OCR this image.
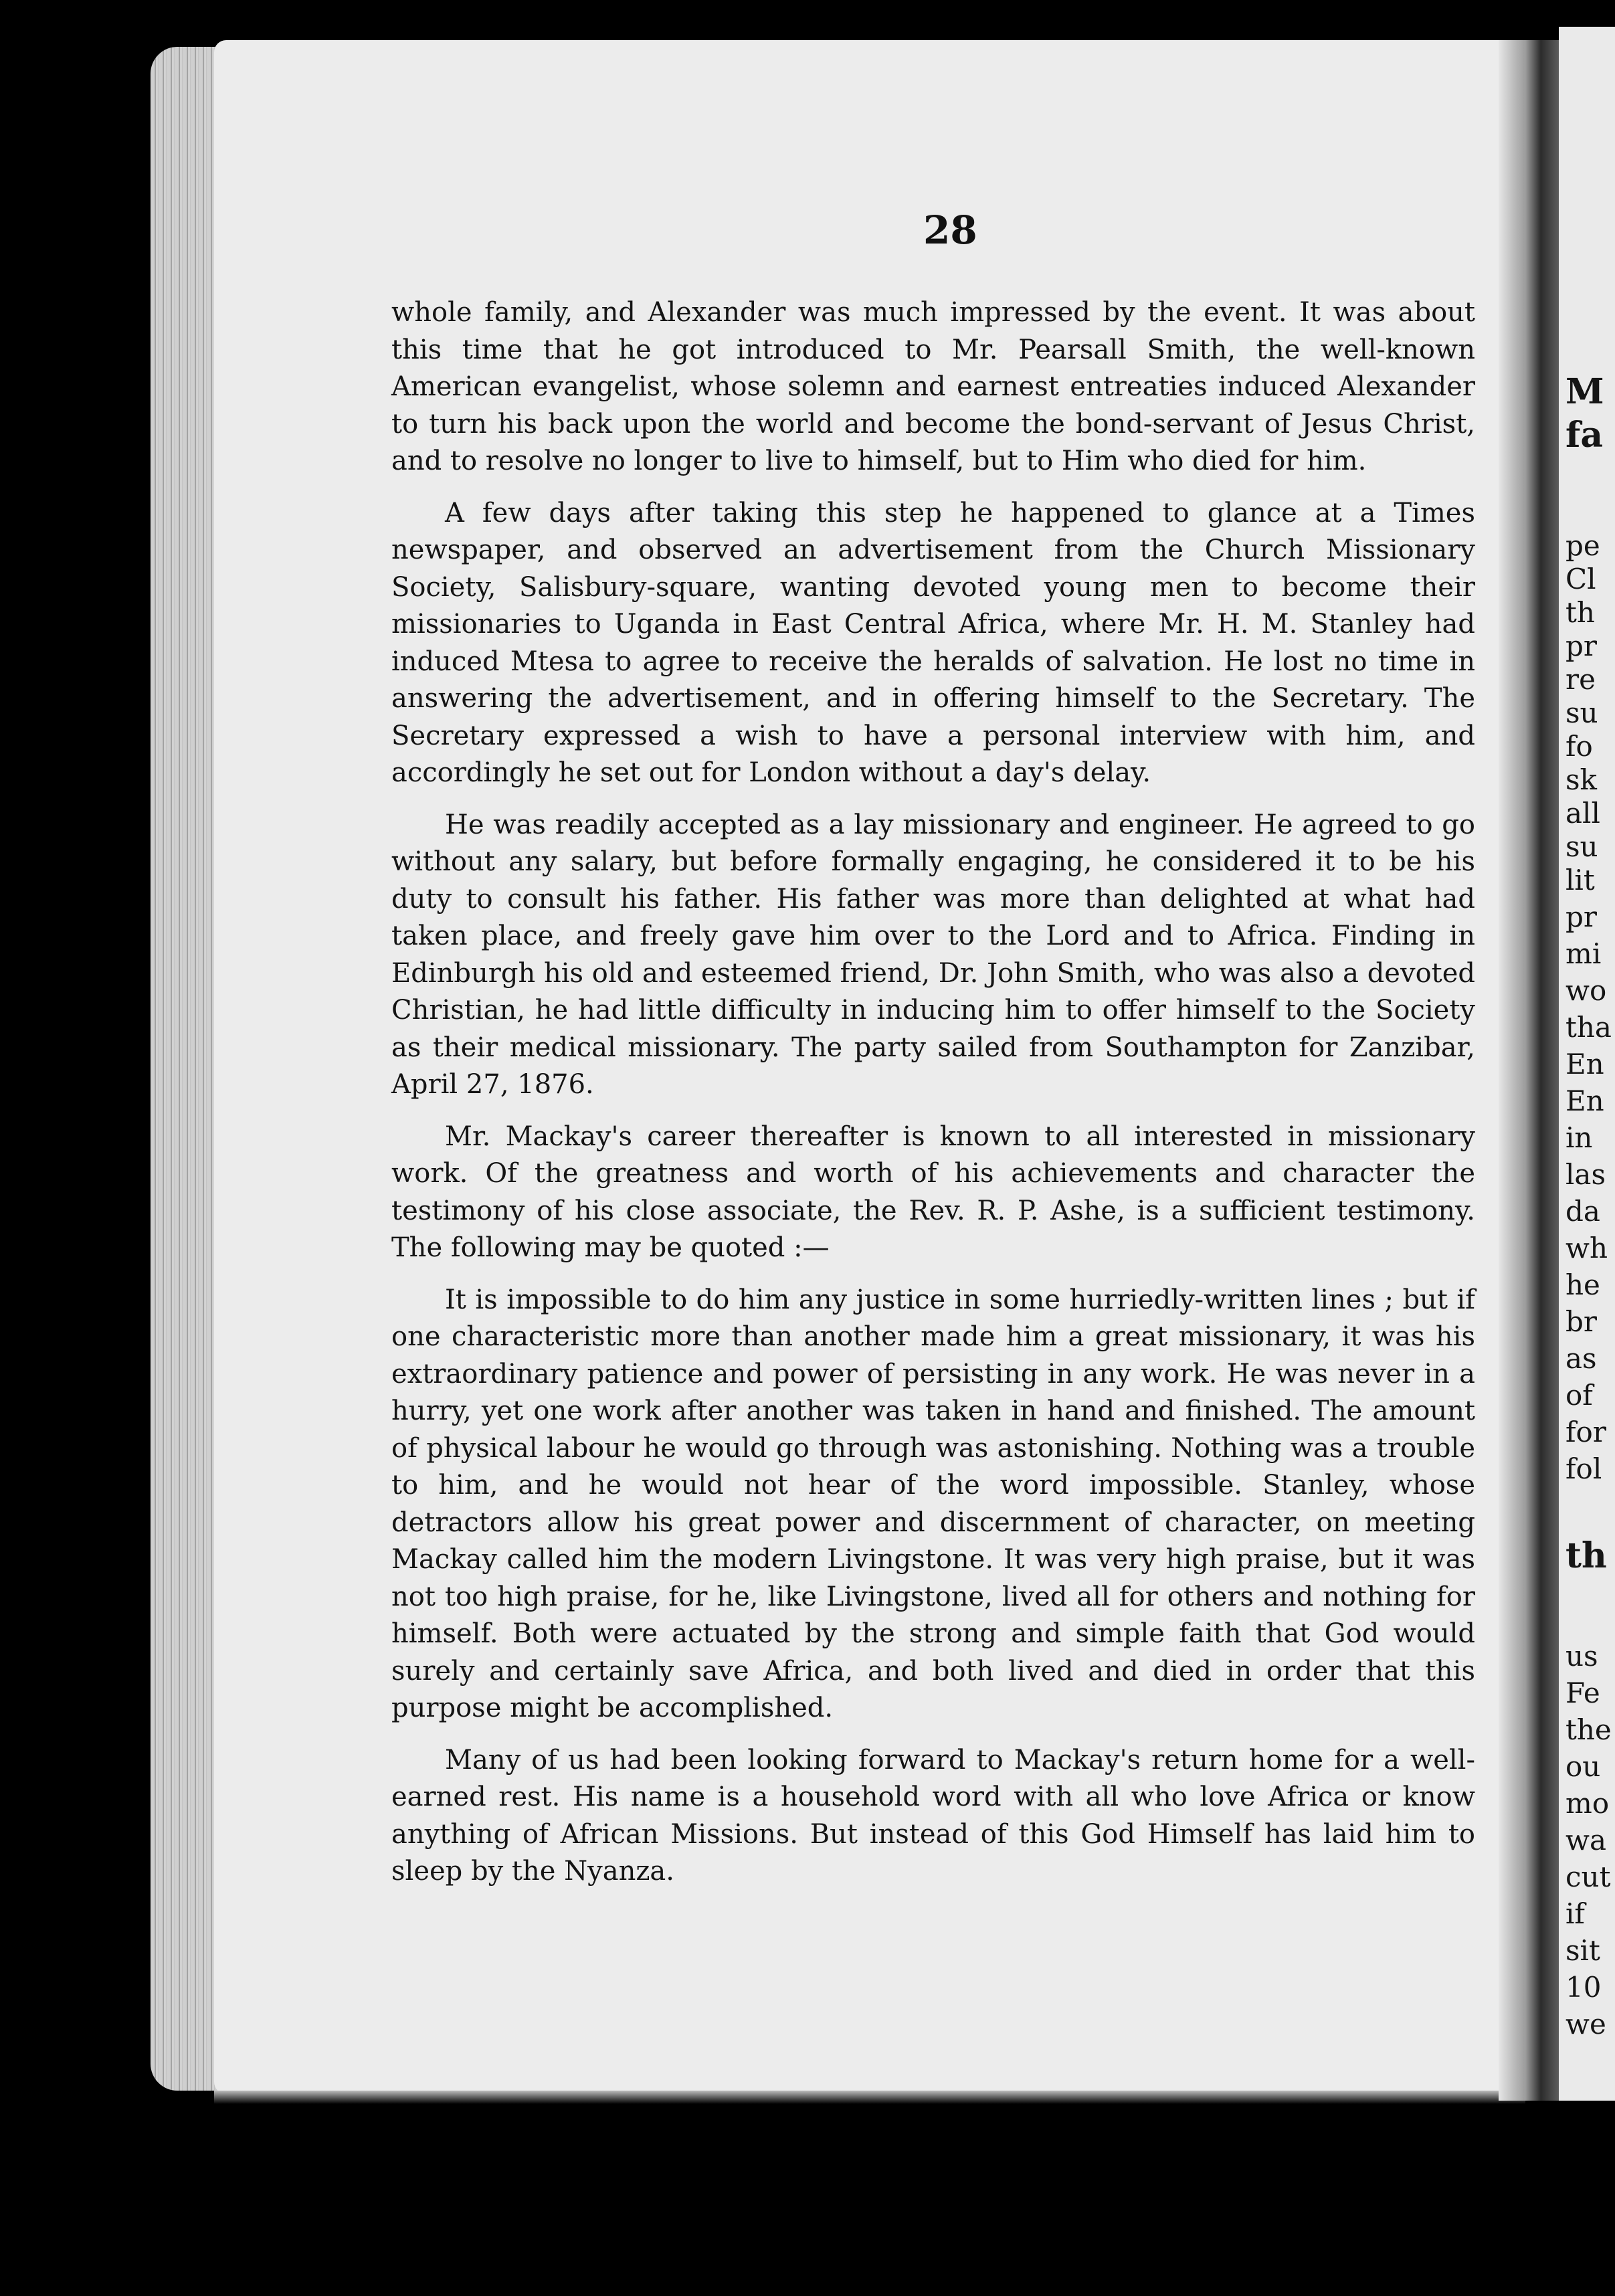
28

whole family, and Alexander was much impressed by the event. It was about this time that he got introduced to Mr. Pearsall Smith, the well-known American evangelist, whose solemn and earnest entreaties induced Alexander to turn his back upon the world and become the bond-servant of Jesus Christ, and to resolve no longer to live to himself, but to Him who died for him.

A few days after taking this step he happened to glance at a Times newspaper, and observed an advertisement from the Church Missionary Society, Salisbury-square, wanting devoted young men to become their missionaries to Uganda in East Central Africa, where Mr. H. M. Stanley had induced Mtesa to agree to receive the heralds of salvation. He lost no time in answering the advertisement, and in offering himself to the Secretary. The Secretary expressed a wish to have a personal interview with him, and accordingly he set out for London without a day's delay.

He was readily accepted as a lay missionary and engineer. He agreed to go without any salary, but before formally engaging, he considered it to be his duty to consult his father. His father was more than delighted at what had taken place, and freely gave him over to the Lord and to Africa. Finding in Edinburgh his old and esteemed friend, Dr. John Smith, who was also a devoted Christian, he had little difficulty in inducing him to offer himself to the Society as their medical missionary. The party sailed from Southampton for Zanzibar, April 27, 1876.

Mr. Mackay's career thereafter is known to all interested in missionary work. Of the greatness and worth of his achievements and character the testimony of his close associate, the Rev. R. P. Ashe, is a sufficient testimony. The following may be quoted :—

It is impossible to do him any justice in some hurriedly-written lines ; but if one characteristic more than another made him a great missionary, it was his extraordinary patience and power of persisting in any work. He was never in a hurry, yet one work after another was taken in hand and finished. The amount of physical labour he would go through was astonishing. Nothing was a trouble to him, and he would not hear of the word impossible. Stanley, whose detractors allow his great power and discernment of character, on meeting Mackay called him the modern Livingstone. It was very high praise, but it was not too high praise, for he, like Livingstone, lived all for others and nothing for himself. Both were actuated by the strong and simple faith that God would surely and certainly save Africa, and both lived and died in order that this purpose might be accomplished.

Many of us had been looking forward to Mackay's return home for a well-earned rest. His name is a household word with all who love Africa or know anything of African Missions. But instead of this God Himself has laid him to sleep by the Nyanza.

M
fa
pe
Cl
th
pr
re
su
fo
sk
all
su
lit
pr
mi
wo
tha
En
En
in
las
da
wh
he
br
as
of
for
fol
th
us
Fe
the
ou
mo
wa
cut
if
sit
10
we
